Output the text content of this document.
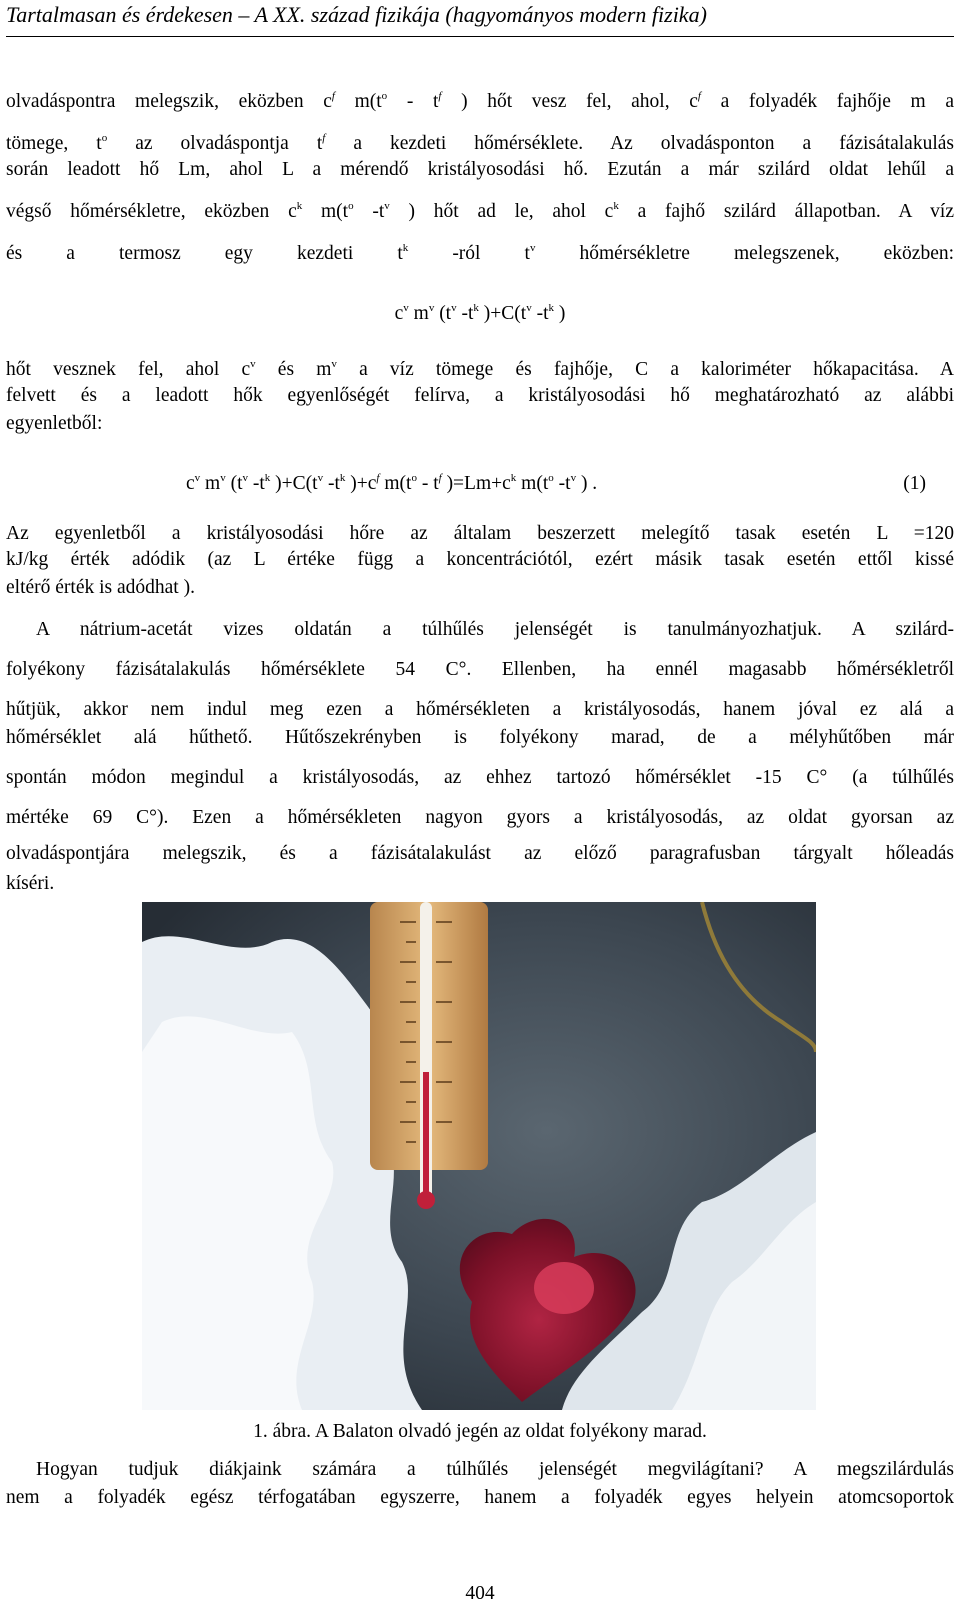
Tartalmasan és érdekesen – A XX. század fizikája (hagyományos modern fizika)
olvadáspontra melegszik, eközben $c^f$ $m(t^o - t^f$ ) hőt vesz fel, ahol, $c^f$ a folyadék fajhője m a
tömege, $t^o$ az olvadáspontja $t^f$ a kezdeti hőmérséklete. Az olvadásponton a fázisátalakulás
során leadott hő Lm, ahol L a mérendő kristályosodási hő. Ezután a már szilárd oldat lehűl a
végső hőmérsékletre, eközben $c^k$ $m(t^o$ $-t^v$ ) hőt ad le, ahol $c^k$ a fajhő szilárd állapotban. A víz
és a termosz egy kezdeti $t^k$ -ról $t^v$ hőmérsékletre melegszenek, eközben:
$c^v$ $m^v$ ($t^v$ $-t^k$ )$+C(t^v$ $-t^k$ )
hőt vesznek fel, ahol $c^v$ és $m^v$ a víz tömege és fajhője, C a kaloriméter hőkapacitása. A
felvett és a leadott hők egyenlőségét felírva, a kristályosodási hő meghatározható az alábbi
egyenletből:
$c^v$ $m^v$ ($t^v$ $-t^k$ )$+C(t^v$ $-t^k$ )$+c^f$ $m(t^o - t^f$ )$=Lm+c^k$ $m(t^o$ $-t^v$ ) .	(1)
Az egyenletből a kristályosodási hőre az általam beszerzett melegítő tasak esetén L =120
kJ/kg érték adódik (az L értéke függ a koncentrációtól, ezért másik tasak esetén ettől kissé
eltérő érték is adódhat ).
A nátrium-acetát vizes oldatán a túlhűlés jelenségét is tanulmányozhatjuk. A szilárd-
folyékony fázisátalakulás hőmérséklete 54 C°. Ellenben, ha ennél magasabb hőmérsékletről
hűtjük, akkor nem indul meg ezen a hőmérsékleten a kristályosodás, hanem jóval ez alá a
hőmérséklet alá hűthető. Hűtőszekrényben is folyékony marad, de a mélyhűtőben már
spontán módon megindul a kristályosodás, az ehhez tartozó hőmérséklet -15 C° (a túlhűlés
mértéke 69 C°). Ezen a hőmérsékleten nagyon gyors a kristályosodás, az oldat gyorsan az
olvadáspontjára melegszik, és a fázisátalakulást az előző paragrafusban tárgyalt hőleadás
kíséri.
1. ábra. A Balaton olvadó jegén az oldat folyékony marad.
Hogyan tudjuk diákjaink számára a túlhűlés jelenségét megvilágítani? A megszilárdulás
nem a folyadék egész térfogatában egyszerre, hanem a folyadék egyes helyein atomcsoportok
404
